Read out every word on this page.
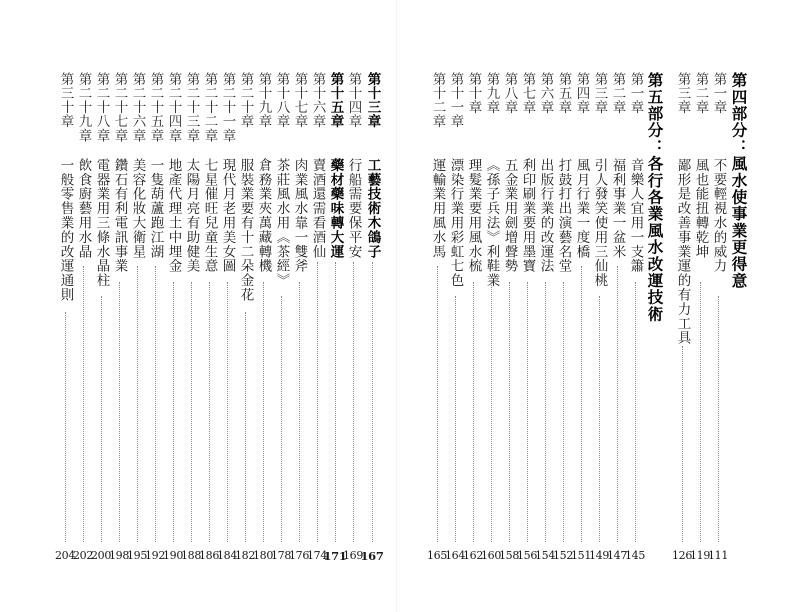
第十三章
工藝技術木鴿子
167
第十四章
行船需要保平安
169
第十五章
藥材藥味轉大運
171
第十六章
賣酒還需看酒仙
174
第十七章
肉業風水靠一雙斧
176
第十八章
茶莊風水用《茶經》
178
第十九章
倉務業夾萬藏轉機
180
第二十章
服裝業要有十二朵金花
182
第二十一章
現代月老用美女圖
184
第二十二章
七星催旺兒童生意
186
第二十三章
太陽月亮有助健美
188
第二十四章
地產代理土中埋金
190
第二十五章
一隻葫蘆跑江湖
192
第二十六章
美容化妝大衛星
195
第二十七章
鑽石有利電訊事業
198
第二十八章
電器業用三條水晶柱
200
第二十九章
飲食廚藝用水晶
202
第三十章
一般零售業的改運通則
204
第十二章
運輸業用風水馬
165
第十一章
漂染行業用彩虹七色
164
第十章
理髮業要用風水梳
162
第九章
《孫子兵法》利鞋業
160
第八章
五金業用劍增聲勢
158
第七章
利印刷業要用墨寶
156
第六章
出版行業的改運法
154
第五章
打鼓打出演藝名堂
152
第四章
風月行業一度橋
151
第三章
引人發笑使用三仙桃
149
第二章
福利事業一盆米
147
第一章
音樂人宜用一支簫
145
第五部分：各行各業風水改運技術 第三章
鄙形是改善事業運的有力工具
126
第二章
風也能扭轉乾坤
119
第一章
不要輕視水的威力
111
第四部分：風水使事業更得意
